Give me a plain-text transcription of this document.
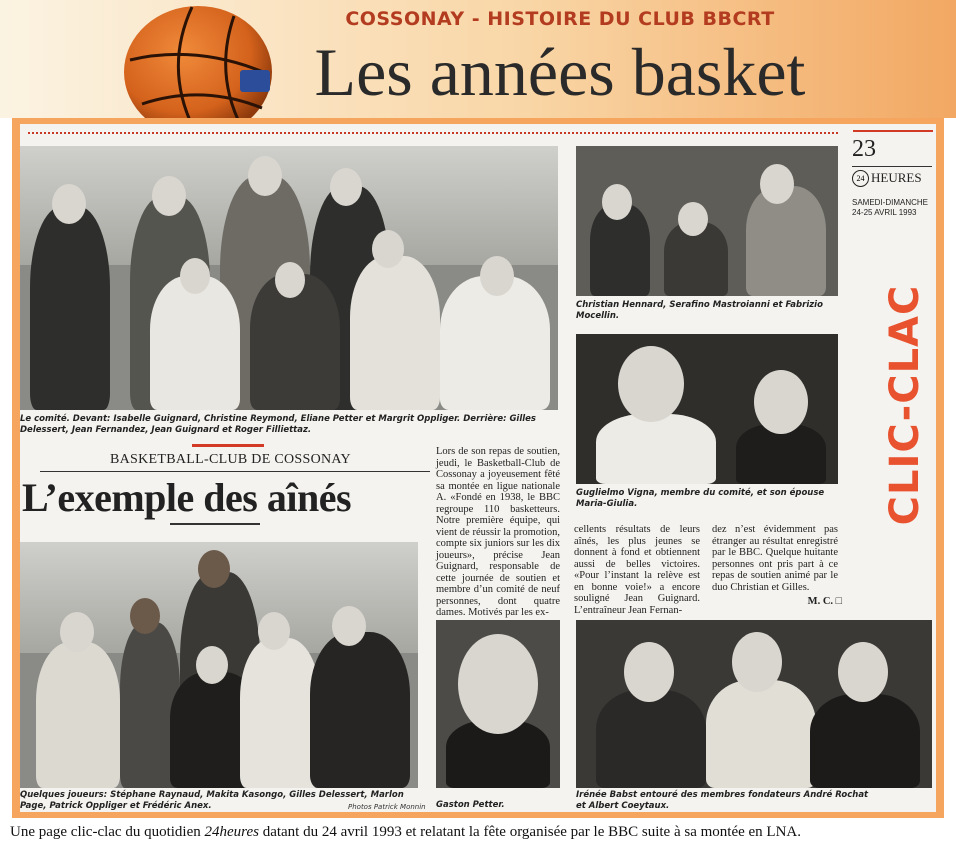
COSSONAY - HISTOIRE DU CLUB BBCRT
Les années basket
Le comité. Devant: Isabelle Guignard, Christine Reymond, Eliane Petter et Margrit Oppliger. Derrière: Gilles Delessert, Jean Fernandez, Jean Guignard et Roger Filliettaz.
Christian Hennard, Serafino Mastroianni et Fabrizio Mocellin.
Guglielmo Vigna, membre du comité, et son épouse Maria-Giulia.
23
24 HEURES
SAMEDI-DIMANCHE
24-25 AVRIL 1993
BASKETBALL-CLUB DE COSSONAY
L’exemple des aînés
Lors de son repas de soutien, jeudi, le Basketball-Club de Cossonay a joyeusement fêté sa montée en ligue nationale A. «Fondé en 1938, le BBC regroupe 110 basketteurs. Notre première équipe, qui vient de réussir la promotion, compte six juniors sur les dix joueurs», précise Jean Guignard, responsable de cette journée de soutien et membre d’un comité de neuf personnes, dont quatre dames. Motivés par les ex-
cellents résultats de leurs aînés, les plus jeunes se donnent à fond et obtiennent aussi de belles victoires. «Pour l’instant la relève est en bonne voie!» a encore souligné Jean Guignard. L’entraîneur Jean Fernan-
dez n’est évidemment pas étranger au résultat enregistré par le BBC. Quelque huitante personnes ont pris part à ce repas de soutien animé par le duo Christian et Gilles.
M. C. □
Quelques joueurs: Stéphane Raynaud, Makita Kasongo, Gilles Delessert, Marlon Page, Patrick Oppliger et Frédéric Anex.	Photos Patrick Monnin Gaston Petter.
Irénée Babst entouré des membres fondateurs André Rochat et Albert Coeytaux.
CLIC-CLAC

Une page clic-clac du quotidien 24heures datant du 24 avril 1993 et relatant la fête organisée par le BBC suite à sa montée en LNA.
